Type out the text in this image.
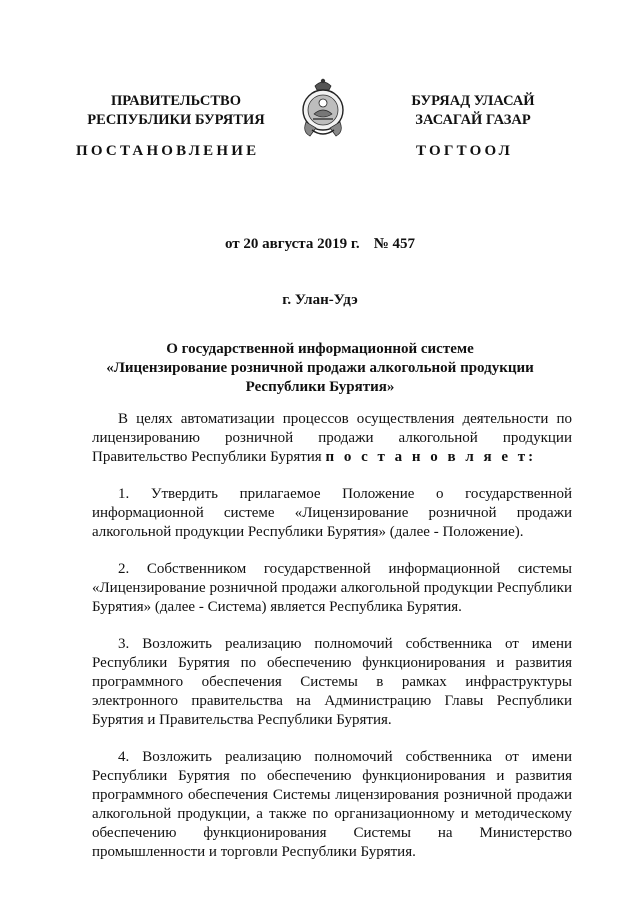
ПРАВИТЕЛЬСТВО
РЕСПУБЛИКИ БУРЯТИЯ
БУРЯАД УЛАСАЙ
ЗАСАГАЙ ГАЗАР
ПОСТАНОВЛЕНИЕ	ТОГТООЛ
от 20 августа 2019 г. № 457
г. Улан-Удэ
О государственной информационной системе
«Лицензирование розничной продажи алкогольной продукции
Республики Бурятия»

В целях автоматизации процессов осуществления деятельности по лицензированию розничной продажи алкогольной продукции Правительство Республики Бурятия п о с т а н о в л я е т:

1. Утвердить прилагаемое Положение о государственной информационной системе «Лицензирование розничной продажи алкогольной продукции Республики Бурятия» (далее - Положение).

2. Собственником государственной информационной системы «Лицензирование розничной продажи алкогольной продукции Республики Бурятия» (далее - Система) является Республика Бурятия.

3. Возложить реализацию полномочий собственника от имени Республики Бурятия по обеспечению функционирования и развития программного обеспечения Системы в рамках инфраструктуры электронного правительства на Администрацию Главы Республики Бурятия и Правительства Республики Бурятия.

4. Возложить реализацию полномочий собственника от имени Республики Бурятия по обеспечению функционирования и развития программного обеспечения Системы лицензирования розничной продажи алкогольной продукции, а также по организационному и методическому обеспечению функционирования Системы на Министерство промышленности и торговли Республики Бурятия.
